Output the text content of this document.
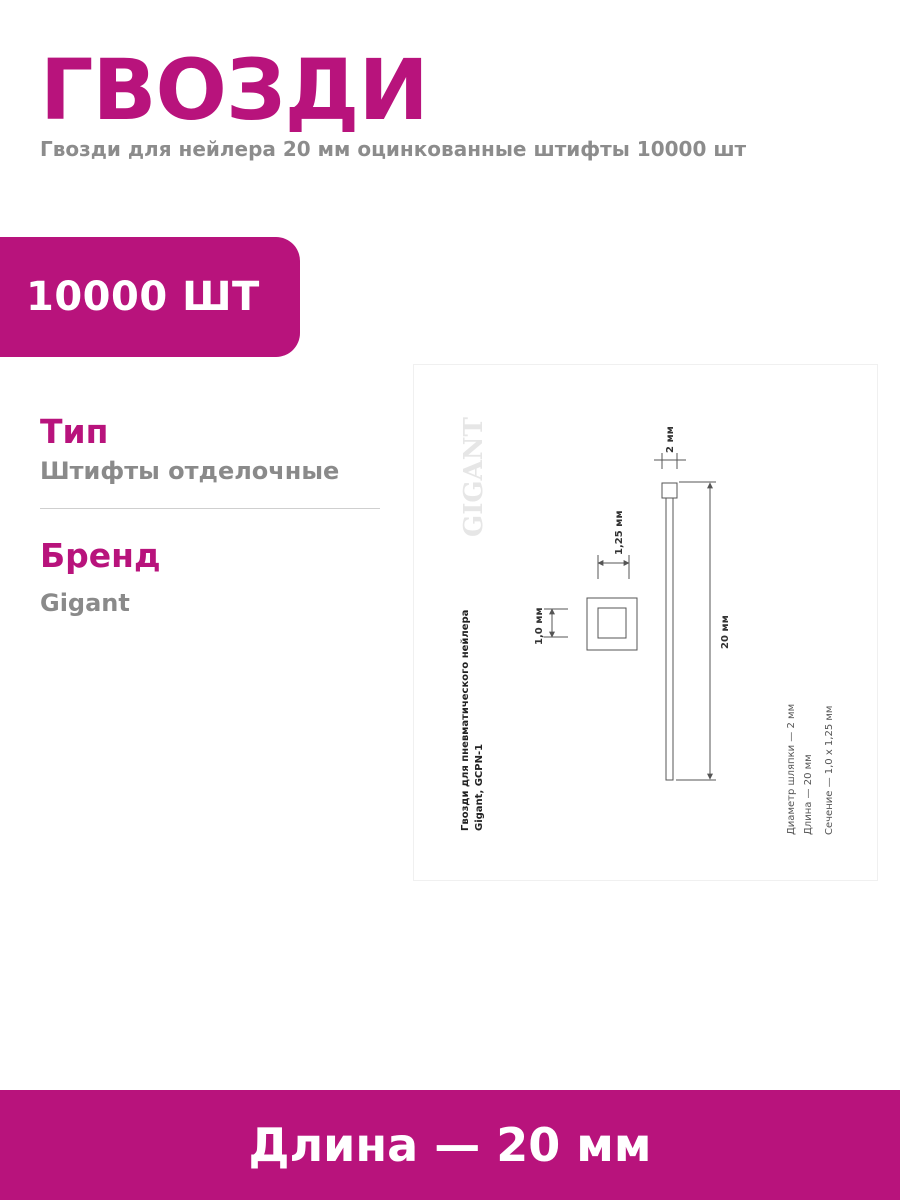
ГВОЗДИ
Гвозди для нейлера 20 мм оцинкованные штифты 10000 шт
10000 ШТ
Тип
Штифты отделочные
Бренд
Gigant
GIGANT	2 мм
1,25 мм
1,0 мм	20 мм
Гвозди для пневматического нейлера Gigant, GCPN-1	Диаметр шляпки — 2 мм Длина — 20 мм Сечение — 1,0 х 1,25 мм
Длина — 20 мм
